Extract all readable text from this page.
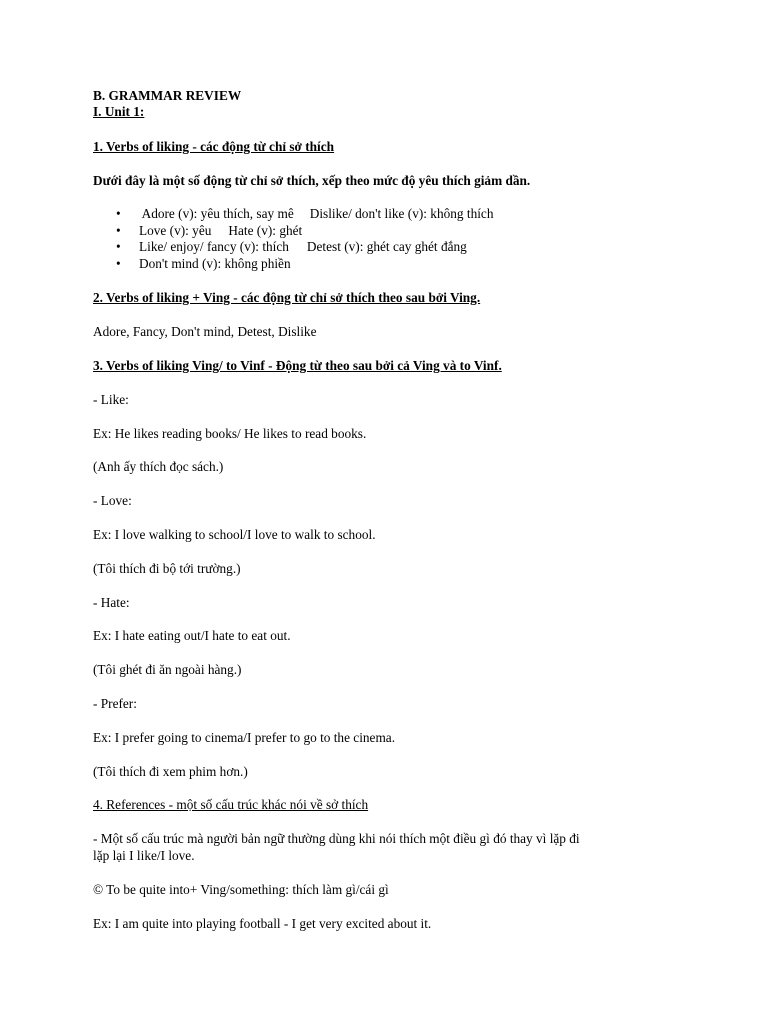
B. GRAMMAR REVIEW

I. Unit 1:

1. Verbs of liking - các động từ chỉ sở thích

Dưới đây là một số động từ chỉ sở thích, xếp theo mức độ yêu thích giảm dần.

• Adore (v): yêu thích, say mê Dislike/ don't like (v): không thích
• Love (v): yêu Hate (v): ghét
• Like/ enjoy/ fancy (v): thích Detest (v): ghét cay ghét đắng
• Don't mind (v): không phiền

2. Verbs of liking + Ving - các động từ chỉ sở thích theo sau bởi Ving.

Adore, Fancy, Don't mind, Detest, Dislike

3. Verbs of liking Ving/ to Vinf - Động từ theo sau bởi cả Ving và to Vinf.

- Like:

Ex: He likes reading books/ He likes to read books.

(Anh ấy thích đọc sách.)

- Love:

Ex: I love walking to school/I love to walk to school.

(Tôi thích đi bộ tới trường.)

- Hate:

Ex: I hate eating out/I hate to eat out.

(Tôi ghét đi ăn ngoài hàng.)

- Prefer:

Ex: I prefer going to cinema/I prefer to go to the cinema.

(Tôi thích đi xem phim hơn.)

4. References - một số cấu trúc khác nói về sở thích

- Một số cấu trúc mà người bản ngữ thường dùng khi nói thích một điều gì đó thay vì lặp đi

lặp lại I like/I love.

© To be quite into+ Ving/something: thích làm gì/cái gì

Ex: I am quite into playing football - I get very excited about it.
